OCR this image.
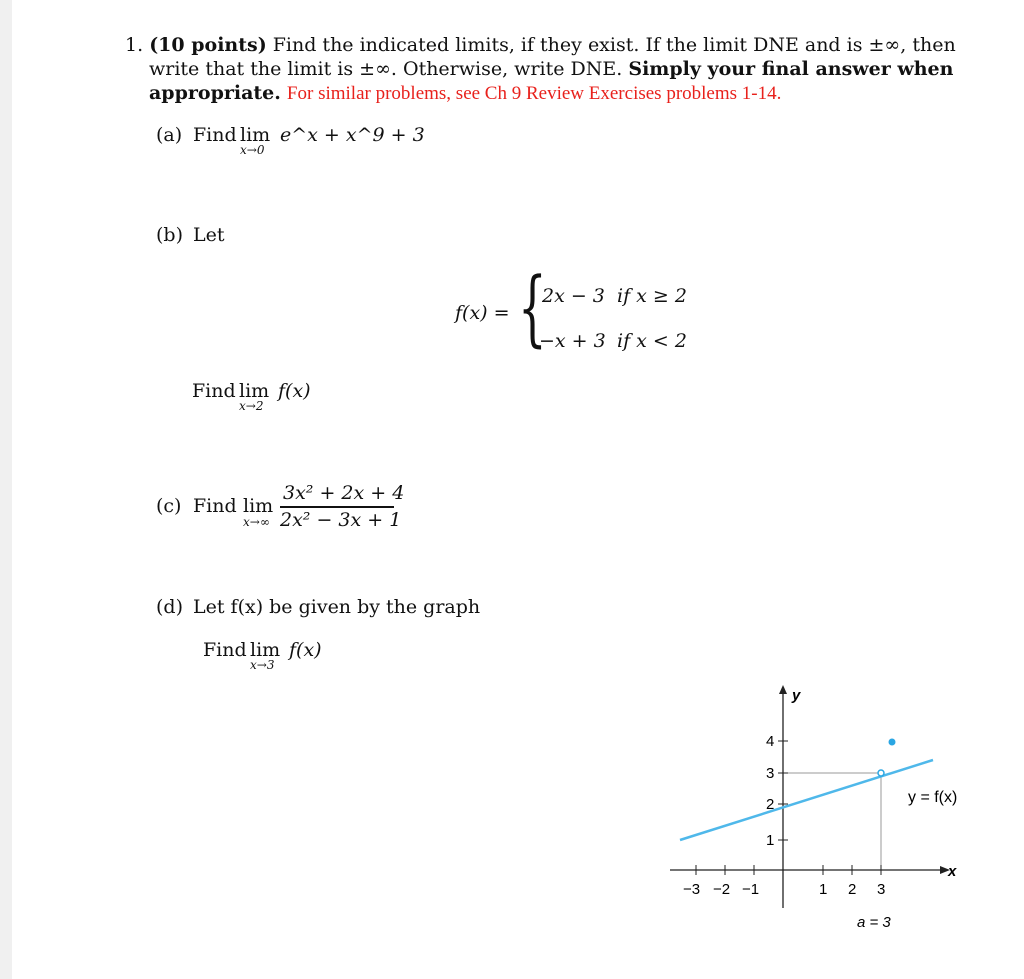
1. (10 points) Find the indicated limits, if they exist. If the limit DNE and is ±∞, then
write that the limit is ±∞. Otherwise, write DNE. Simply your final answer when
appropriate. For similar problems, see Ch 9 Review Exercises problems 1-14.
(a) Find lim
x→0
e^x + x^9 + 3
(b) Let
f(x) = {
2x − 3 if x ≥ 2
−x + 3 if x < 2
Find lim
x→2
f(x)
(c) Find lim
x→∞
3x² + 2x + 4
2x² − 3x + 1
(d) Let f(x) be given by the graph
Find lim
x→3
f(x)
y
x
y = f(x)
a = 3
−3 −2 −1	1 2 3
1
2
3
4
